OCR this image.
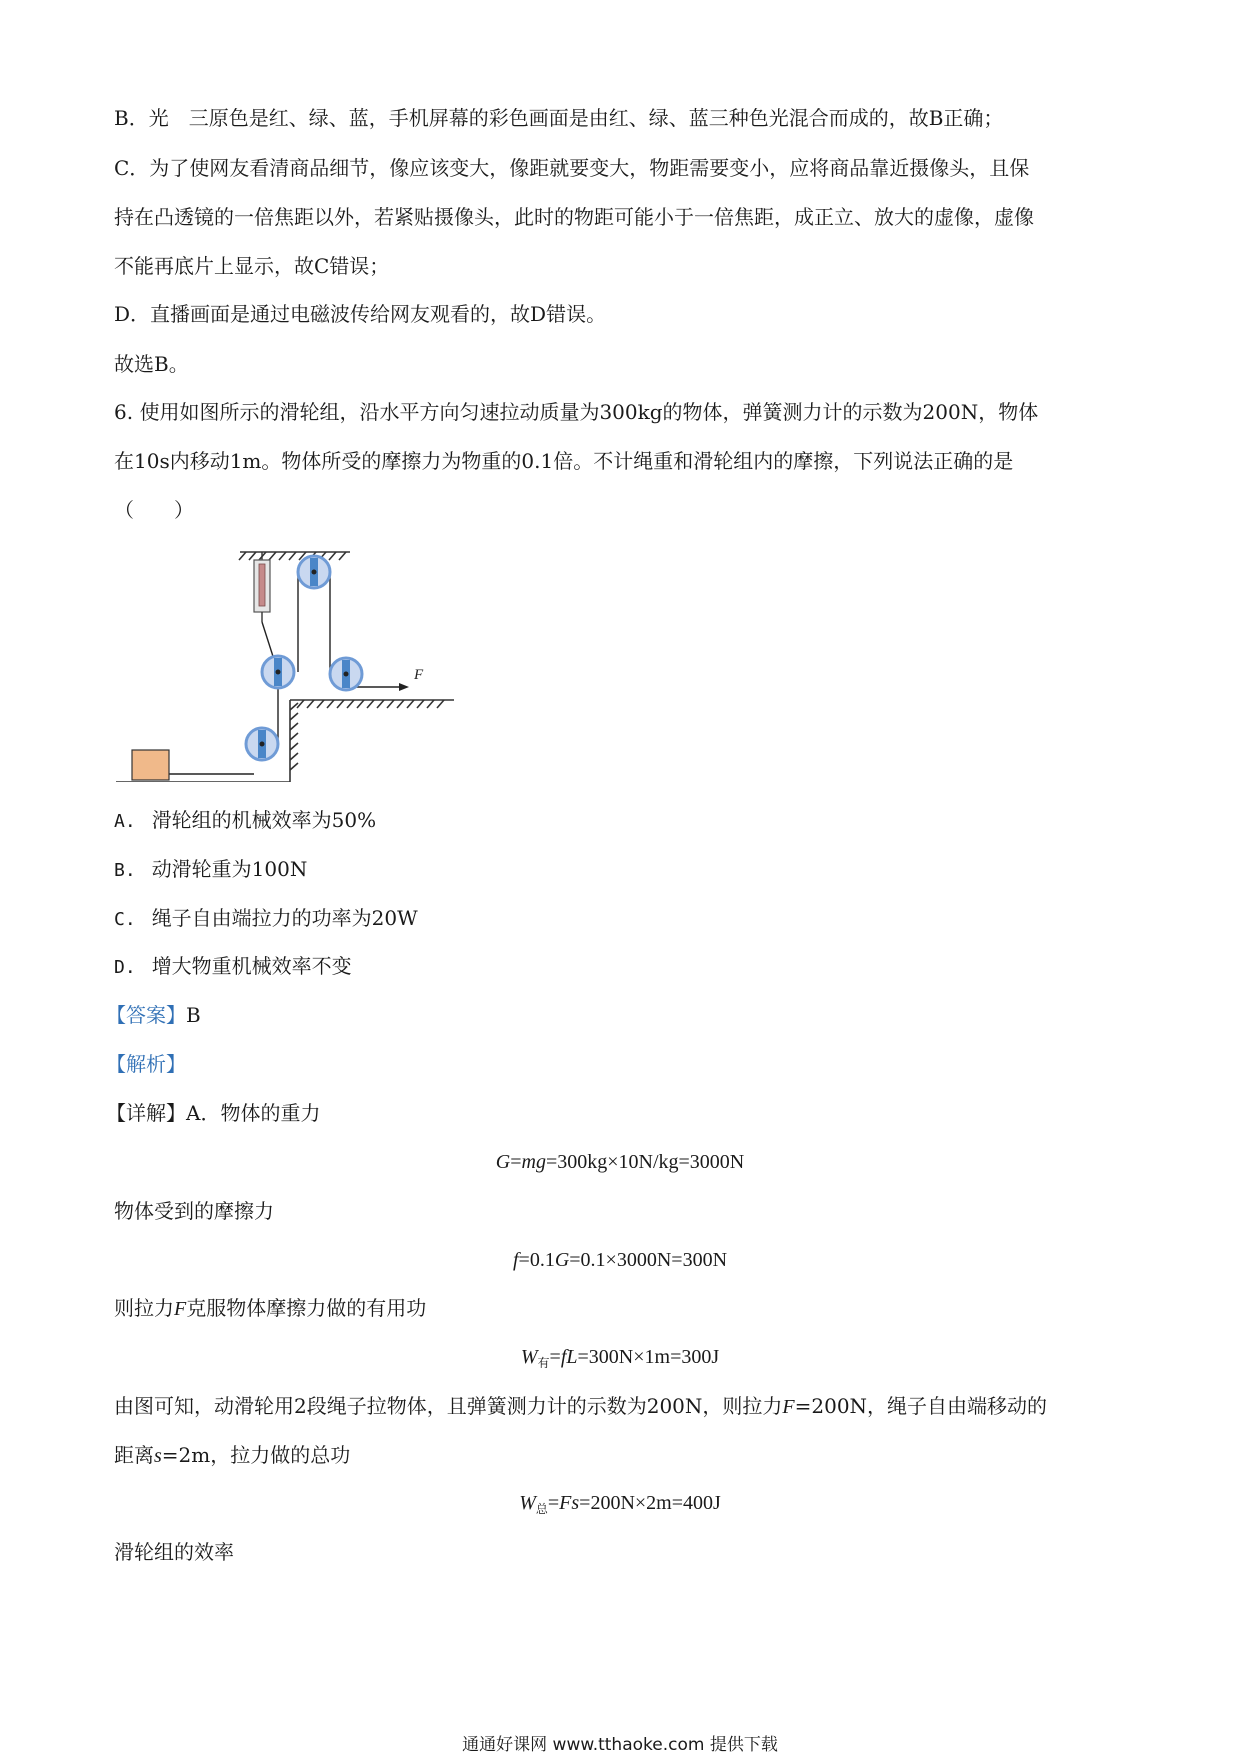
B．光　三原色是红、绿、蓝，手机屏幕的彩色画面是由红、绿、蓝三种色光混合而成的，故B正确；
C．为了使网友看清商品细节，像应该变大，像距就要变大，物距需要变小，应将商品靠近摄像头，且保
持在凸透镜的一倍焦距以外，若紧贴摄像头，此时的物距可能小于一倍焦距，成正立、放大的虚像，虚像
不能再底片上显示，故C错误；
D．直播画面是通过电磁波传给网友观看的，故D错误。
故选B。
6. 使用如图所示的滑轮组，沿水平方向匀速拉动质量为300kg的物体，弹簧测力计的示数为200N，物体
在10s内移动1m。物体所受的摩擦力为物重的0.1倍。不计绳重和滑轮组内的摩擦，下列说法正确的是
（　　）
F
A. 滑轮组的机械效率为50%
B. 动滑轮重为100N
C. 绳子自由端拉力的功率为20W
D. 增大物重机械效率不变
【答案】B
【解析】
【详解】A．物体的重力
G=mg=300kg×10N/kg=3000N
物体受到的摩擦力
f=0.1G=0.1×3000N=300N
则拉力F克服物体摩擦力做的有用功
$W_有=fL=300N\times 1m=300J$
由图可知，动滑轮用2段绳子拉物体，且弹簧测力计的示数为200N，则拉力F=200N，绳子自由端移动的
距离s=2m，拉力做的总功
$W_总=Fs=200N\times 2m=400J$
滑轮组的效率
通通好课网 www.tthaoke.com 提供下载
